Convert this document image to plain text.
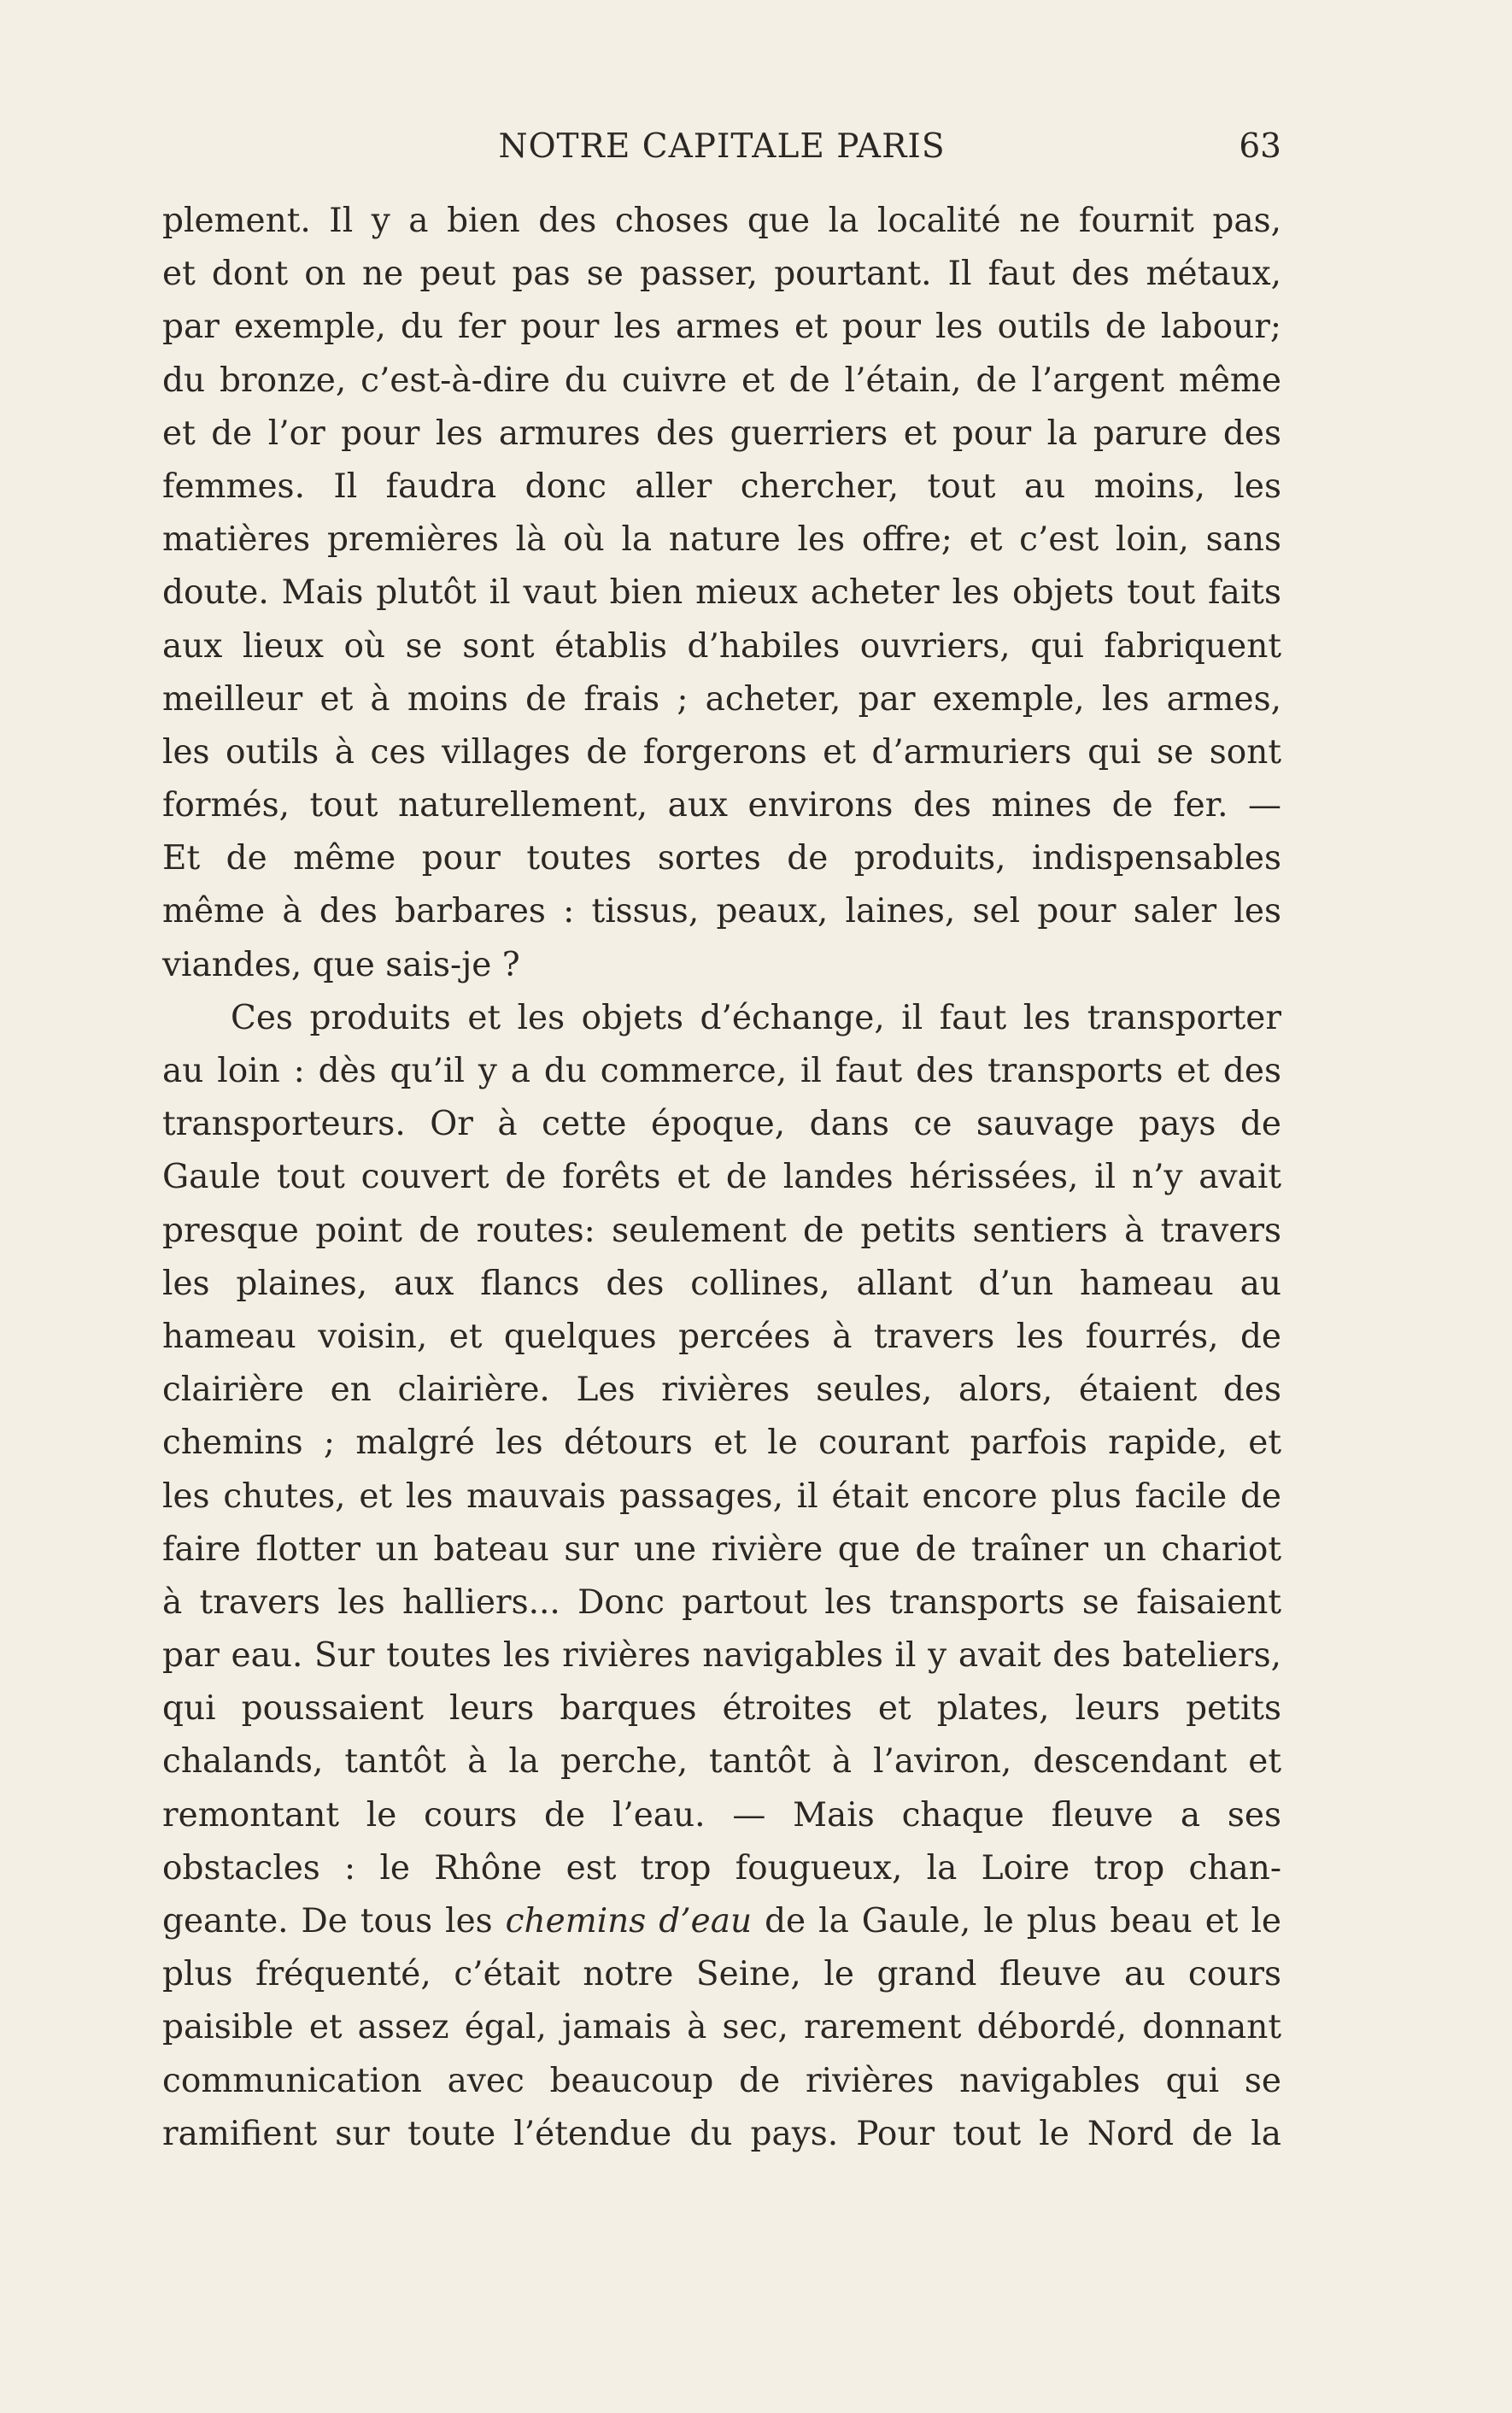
NOTRE CAPITALE PARIS	63
plement. Il y a bien des choses que la localité ne fournit pas,
et dont on ne peut pas se passer, pourtant. Il faut des métaux,
par exemple, du fer pour les armes et pour les outils de labour;
du bronze, c’est-à-dire du cuivre et de l’étain, de l’argent même
et de l’or pour les armures des guerriers et pour la parure des
femmes. Il faudra donc aller chercher, tout au moins, les
matières premières là où la nature les offre; et c’est loin, sans
doute. Mais plutôt il vaut bien mieux acheter les objets tout faits
aux lieux où se sont établis d’habiles ouvriers, qui fabriquent
meilleur et à moins de frais ; acheter, par exemple, les armes,
les outils à ces villages de forgerons et d’armuriers qui se sont
formés, tout naturellement, aux environs des mines de fer. —
Et de même pour toutes sortes de produits, indispensables
même à des barbares : tissus, peaux, laines, sel pour saler les
viandes, que sais-je ?
Ces produits et les objets d’échange, il faut les transporter
au loin : dès qu’il y a du commerce, il faut des transports et des
transporteurs. Or à cette époque, dans ce sauvage pays de
Gaule tout couvert de forêts et de landes hérissées, il n’y avait
presque point de routes: seulement de petits sentiers à travers
les plaines, aux flancs des collines, allant d’un hameau au
hameau voisin, et quelques percées à travers les fourrés, de
clairière en clairière. Les rivières seules, alors, étaient des
chemins ; malgré les détours et le courant parfois rapide, et
les chutes, et les mauvais passages, il était encore plus facile de
faire flotter un bateau sur une rivière que de traîner un chariot
à travers les halliers... Donc partout les transports se faisaient
par eau. Sur toutes les rivières navigables il y avait des bateliers,
qui poussaient leurs barques étroites et plates, leurs petits
chalands, tantôt à la perche, tantôt à l’aviron, descendant et
remontant le cours de l’eau. — Mais chaque fleuve a ses
obstacles : le Rhône est trop fougueux, la Loire trop chan-
geante. De tous les chemins d’eau de la Gaule, le plus beau et le
plus fréquenté, c’était notre Seine, le grand fleuve au cours
paisible et assez égal, jamais à sec, rarement débordé, donnant
communication avec beaucoup de rivières navigables qui se
ramifient sur toute l’étendue du pays. Pour tout le Nord de la
